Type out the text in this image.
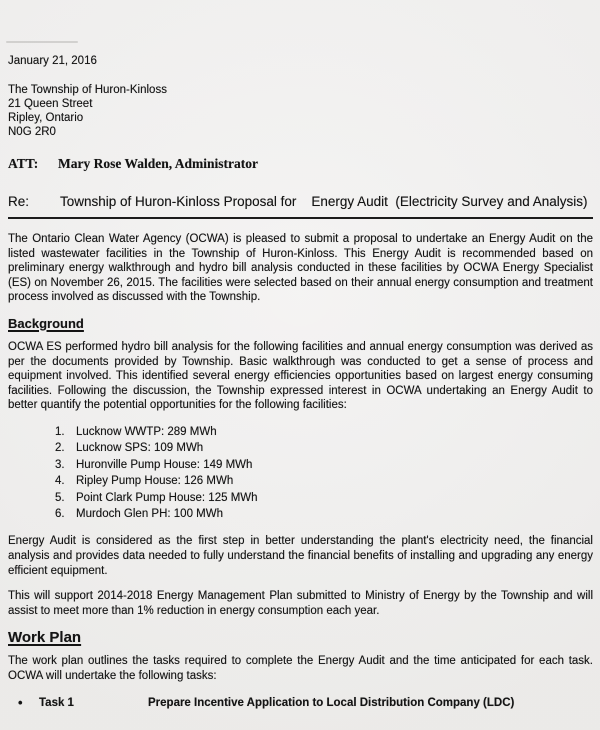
January 21, 2016
The Township of Huron-Kinloss
21 Queen Street
Ripley, Ontario
N0G 2R0
ATT:	Mary Rose Walden, Administrator
Re:	Township of Huron-Kinloss Proposal for    Energy Audit  (Electricity Survey and Analysis)

The Ontario Clean Water Agency (OCWA) is pleased to submit a proposal to undertake an Energy Audit on the listed wastewater facilities in the Township of Huron-Kinloss. This Energy Audit is recommended based on preliminary energy walkthrough and hydro bill analysis conducted in these facilities by OCWA Energy Specialist (ES) on November 26, 2015. The facilities were selected based on their annual energy consumption and treatment process involved as discussed with the Township.

Background

OCWA ES performed hydro bill analysis for the following facilities and annual energy consumption was derived as per the documents provided by Township. Basic walkthrough was conducted to get a sense of process and equipment involved. This identified several energy efficiencies opportunities based on largest energy consuming facilities. Following the discussion, the Township expressed interest in OCWA undertaking an Energy Audit to better quantify the potential opportunities for the following facilities:

1. Lucknow WWTP: 289 MWh
2. Lucknow SPS: 109 MWh
3. Huronville Pump House: 149 MWh
4. Ripley Pump House: 126 MWh
5. Point Clark Pump House: 125 MWh
6. Murdoch Glen PH: 100 MWh

Energy Audit is considered as the first step in better understanding the plant's electricity need, the financial analysis and provides data needed to fully understand the financial benefits of installing and upgrading any energy efficient equipment.

This will support 2014-2018 Energy Management Plan submitted to Ministry of Energy by the Township and will assist to meet more than 1% reduction in energy consumption each year.

Work Plan

The work plan outlines the tasks required to complete the Energy Audit and the time anticipated for each task. OCWA will undertake the following tasks:

•	Task 1	Prepare Incentive Application to Local Distribution Company (LDC)
